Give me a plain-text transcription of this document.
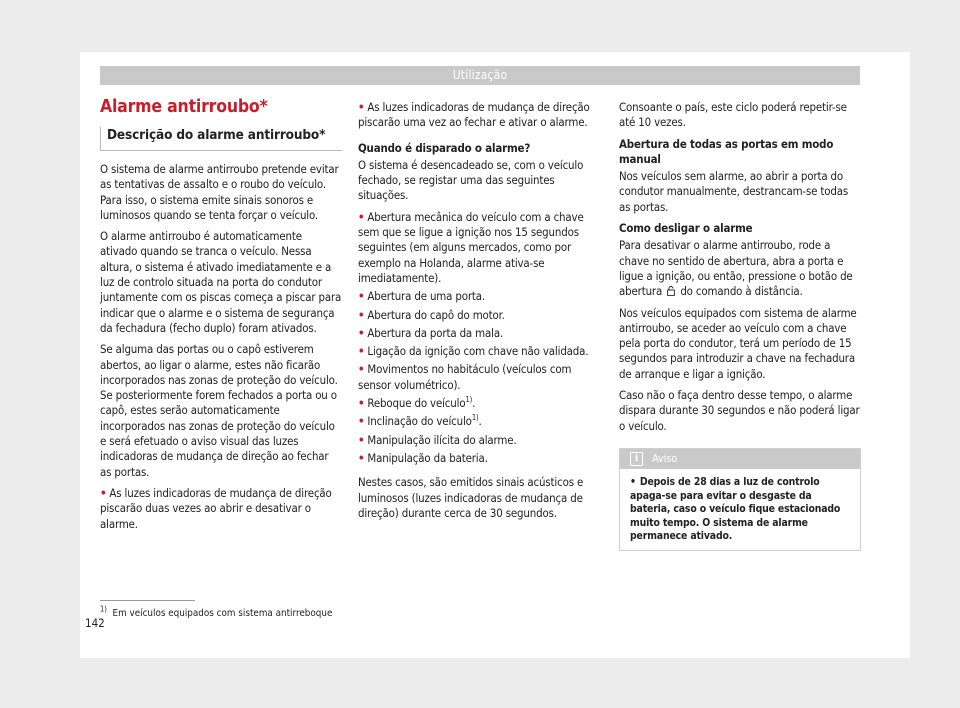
Utilização
Alarme antirroubo*
Descrição do alarme antirroubo*

O sistema de alarme antirroubo pretende evitar as tentativas de assalto e o roubo do veículo. Para isso, o sistema emite sinais sonoros e luminosos quando se tenta forçar o veículo.

O alarme antirroubo é automaticamente ativado quando se tranca o veículo. Nessa altura, o sistema é ativado imediatamente e a luz de controlo situada na porta do condutor juntamente com os piscas começa a piscar para indicar que o alarme e o sistema de segurança da fechadura (fecho duplo) foram ativados.

Se alguma das portas ou o capô estiverem abertos, ao ligar o alarme, estes não ficarão incorporados nas zonas de proteção do veículo. Se posteriormente forem fechados a porta ou o capô, estes serão automaticamente incorporados nas zonas de proteção do veículo e será efetuado o aviso visual das luzes indicadoras de mudança de direção ao fechar as portas.

• As luzes indicadoras de mudança de direção piscarão duas vezes ao abrir e desativar o alarme.

• As luzes indicadoras de mudança de direção piscarão uma vez ao fechar e ativar o alarme.

Quando é disparado o alarme?

O sistema é desencadeado se, com o veículo fechado, se registar uma das seguintes situações.

• Abertura mecânica do veículo com a chave sem que se ligue a ignição nos 15 segundos seguintes (em alguns mercados, como por exemplo na Holanda, alarme ativa-se imediatamente).

• Abertura de uma porta.

• Abertura do capô do motor.

• Abertura da porta da mala.

• Ligação da ignição com chave não validada.

• Movimentos no habitáculo (veículos com sensor volumétrico).

• Reboque do veículo$^{1)}$.

• Inclinação do veículo$^{1)}$.

• Manipulação ilícita do alarme.

• Manipulação da bateria.

Nestes casos, são emitidos sinais acústicos e luminosos (luzes indicadoras de mudança de direção) durante cerca de 30 segundos.

Consoante o país, este ciclo poderá repetir-se até 10 vezes.

Abertura de todas as portas em modo manual

Nos veículos sem alarme, ao abrir a porta do condutor manualmente, destrancam-se todas as portas.

Como desligar o alarme

Para desativar o alarme antirroubo, rode a chave no sentido de abertura, abra a porta e ligue a ignição, ou então, pressione o botão de abertura do comando à distância.

Nos veículos equipados com sistema de alarme antirroubo, se aceder ao veículo com a chave pela porta do condutor, terá um período de 15 segundos para introduzir a chave na fechadura de arranque e ligar a ignição.

Caso não o faça dentro desse tempo, o alarme dispara durante 30 segundos e não poderá ligar o veículo.

i	Aviso
• Depois de 28 dias a luz de controlo apaga-se para evitar o desgaste da bateria, caso o veículo fique estacionado muito tempo. O sistema de alarme permanece ativado.
$^{1)}$ Em veículos equipados com sistema antirreboque
142
